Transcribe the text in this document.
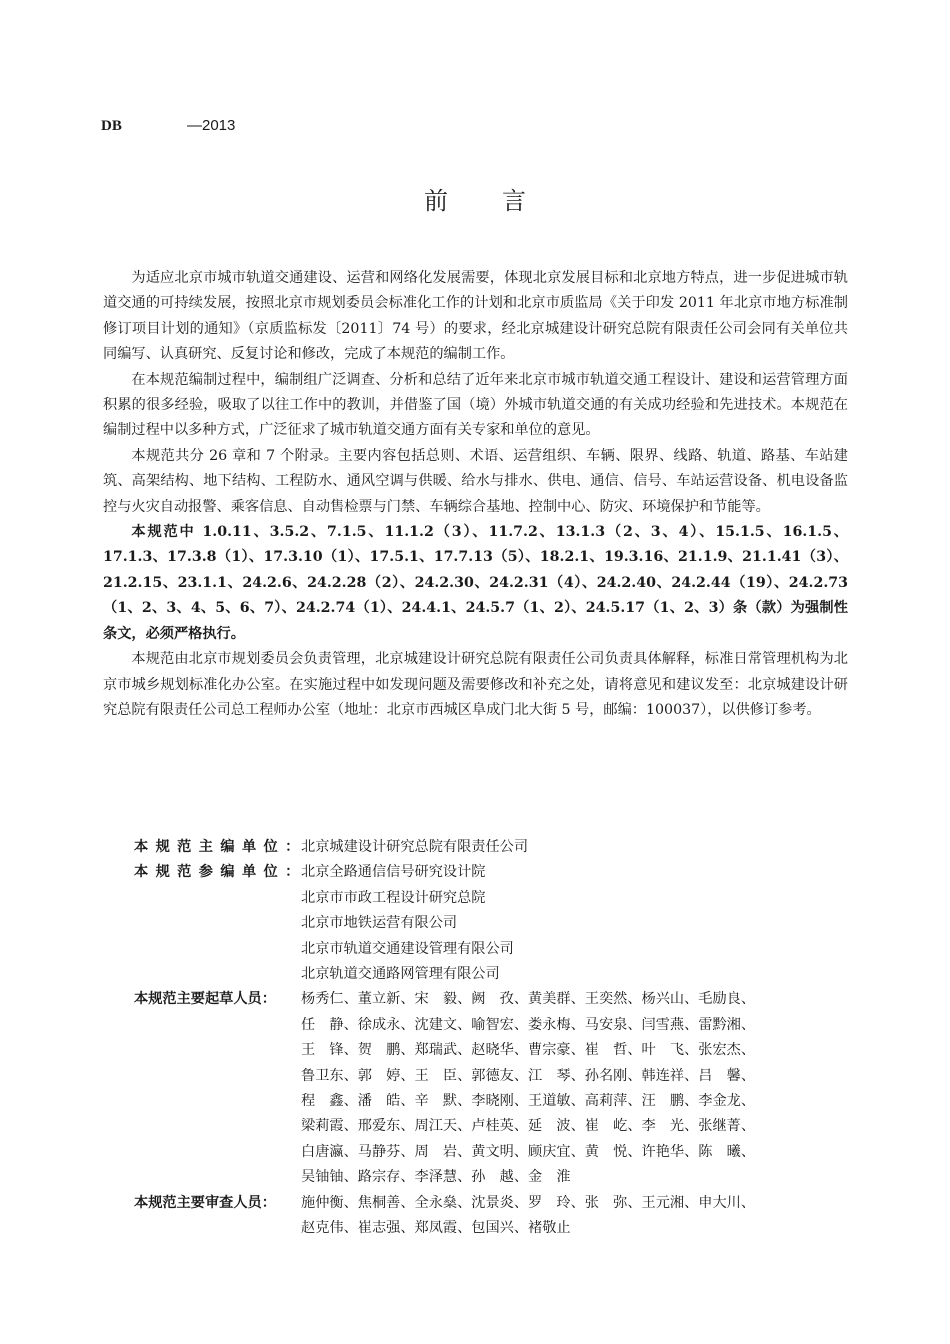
DB	—2013
前言

为适应北京市城市轨道交通建设、运营和网络化发展需要，体现北京发展目标和北京地方特点，进一步促进城市轨道交通的可持续发展，按照北京市规划委员会标准化工作的计划和北京市质监局《关于印发 2011 年北京市地方标准制修订项目计划的通知》（京质监标发〔2011〕74 号）的要求，经北京城建设计研究总院有限责任公司会同有关单位共同编写、认真研究、反复讨论和修改，完成了本规范的编制工作。

在本规范编制过程中，编制组广泛调查、分析和总结了近年来北京市城市轨道交通工程设计、建设和运营管理方面积累的很多经验，吸取了以往工作中的教训，并借鉴了国（境）外城市轨道交通的有关成功经验和先进技术。本规范在编制过程中以多种方式，广泛征求了城市轨道交通方面有关专家和单位的意见。

本规范共分 26 章和 7 个附录。主要内容包括总则、术语、运营组织、车辆、限界、线路、轨道、路基、车站建筑、高架结构、地下结构、工程防水、通风空调与供暖、给水与排水、供电、通信、信号、车站运营设备、机电设备监控与火灾自动报警、乘客信息、自动售检票与门禁、车辆综合基地、控制中心、防灾、环境保护和节能等。

本规范中 1.0.11、3.5.2、7.1.5、11.1.2（3）、11.7.2、13.1.3（2、3、4）、15.1.5、16.1.5、17.1.3、17.3.8（1）、17.3.10（1）、17.5.1、17.7.13（5）、18.2.1、19.3.16、21.1.9、21.1.41（3）、21.2.15、23.1.1、24.2.6、24.2.28（2）、24.2.30、24.2.31（4）、24.2.40、24.2.44（19）、24.2.73（1、2、3、4、5、6、7）、24.2.74（1）、24.4.1、24.5.7（1、2）、24.5.17（1、2、3）条（款）为强制性条文，必须严格执行。

本规范由北京市规划委员会负责管理，北京城建设计研究总院有限责任公司负责具体解释，标准日常管理机构为北京市城乡规划标准化办公室。在实施过程中如发现问题及需要修改和补充之处，请将意见和建议发至：北京城建设计研究总院有限责任公司总工程师办公室（地址：北京市西城区阜成门北大街 5 号，邮编：100037），以供修订参考。

本规范主编单位：
北京城建设计研究总院有限责任公司
本规范参编单位：
北京全路通信信号研究设计院
北京市市政工程设计研究总院
北京市地铁运营有限公司
北京市轨道交通建设管理有限公司
北京轨道交通路网管理有限公司
本规范主要起草人员：	杨秀仁、董立新、宋　毅、阙　孜、黄美群、王奕然、杨兴山、毛励良、
任　静、徐成永、沈建文、喻智宏、娄永梅、马安泉、闫雪燕、雷黔湘、
王　锋、贺　鹏、郑瑞武、赵晓华、曹宗豪、崔　哲、叶　飞、张宏杰、
鲁卫东、郭　婷、王　臣、郭德友、江　琴、孙名刚、韩连祥、吕　馨、
程　鑫、潘　皓、辛　默、李晓刚、王道敏、高莉萍、汪　鹏、李金龙、
梁莉霞、邢爱东、周江天、卢桂英、延　波、崔　屹、李　光、张继菁、
白唐瀛、马静芬、周　岩、黄文明、顾庆宜、黄　悦、许艳华、陈　曦、
吴铀铀、路宗存、李泽慧、孙　越、金　淮
本规范主要审查人员：	施仲衡、焦桐善、全永燊、沈景炎、罗　玲、张　弥、王元湘、申大川、
赵克伟、崔志强、郑凤霞、包国兴、褚敬止
